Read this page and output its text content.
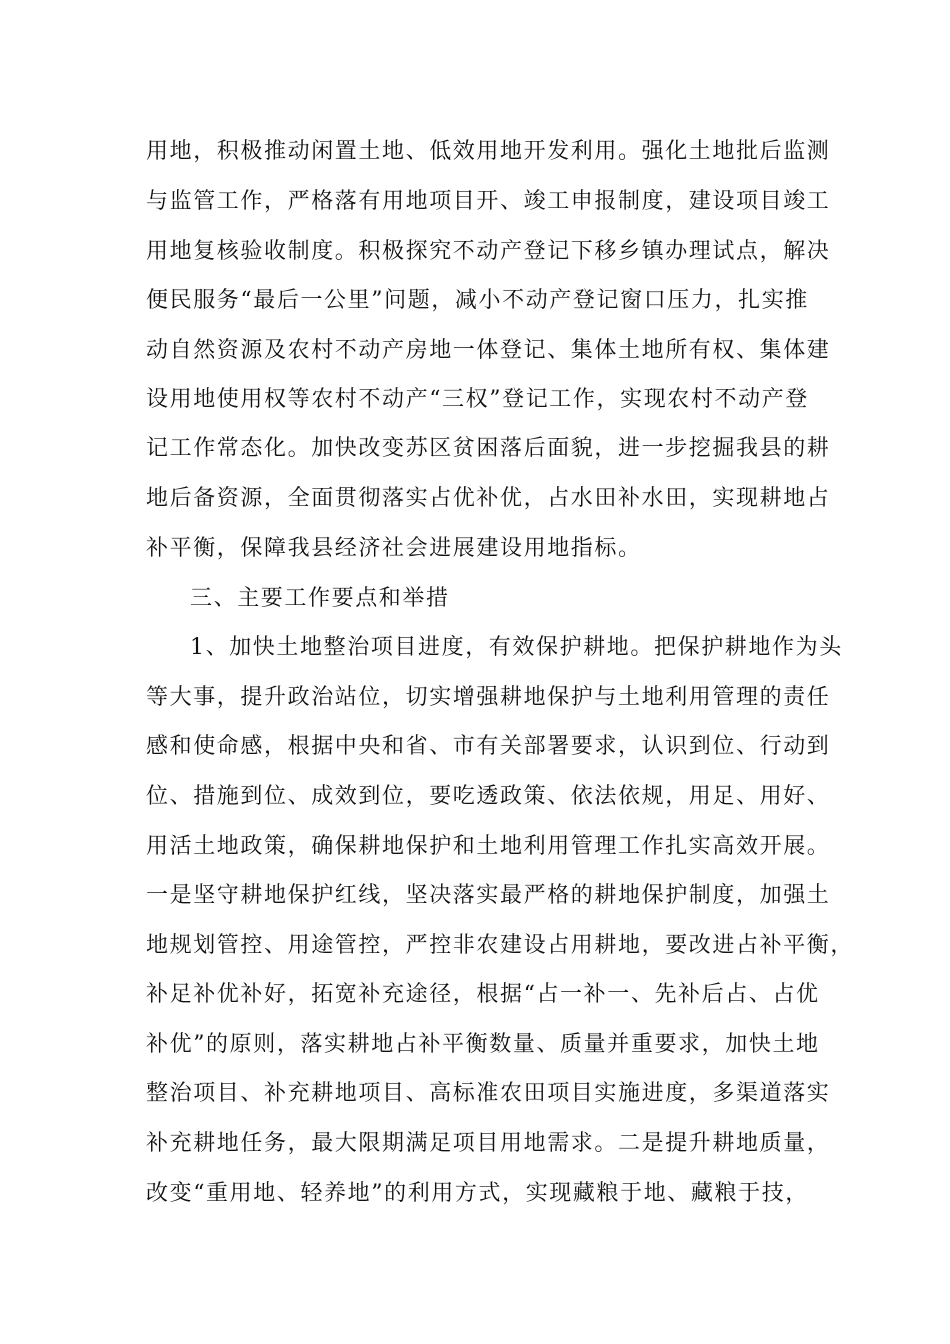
用地，积极推动闲置土地、低效用地开发利用。强化土地批后监测
与监管工作，严格落有用地项目开、竣工申报制度，建设项目竣工
用地复核验收制度。积极探究不动产登记下移乡镇办理试点，解决
便民服务“最后一公里”问题，减小不动产登记窗口压力，扎实推
动自然资源及农村不动产房地一体登记、集体土地所有权、集体建
设用地使用权等农村不动产“三权”登记工作，实现农村不动产登
记工作常态化。加快改变苏区贫困落后面貌，进一步挖掘我县的耕
地后备资源，全面贯彻落实占优补优，占水田补水田，实现耕地占
补平衡，保障我县经济社会进展建设用地指标。
三、主要工作要点和举措
1、加快土地整治项目进度，有效保护耕地。把保护耕地作为头
等大事，提升政治站位，切实增强耕地保护与土地利用管理的责任
感和使命感，根据中央和省、市有关部署要求，认识到位、行动到
位、措施到位、成效到位，要吃透政策、依法依规，用足、用好、
用活土地政策，确保耕地保护和土地利用管理工作扎实高效开展。
一是坚守耕地保护红线，坚决落实最严格的耕地保护制度，加强土
地规划管控、用途管控，严控非农建设占用耕地，要改进占补平衡，
补足补优补好，拓宽补充途径，根据“占一补一、先补后占、占优
补优”的原则，落实耕地占补平衡数量、质量并重要求，加快土地
整治项目、补充耕地项目、高标准农田项目实施进度，多渠道落实
补充耕地任务，最大限期满足项目用地需求。二是提升耕地质量，
改变“重用地、轻养地”的利用方式，实现藏粮于地、藏粮于技，
